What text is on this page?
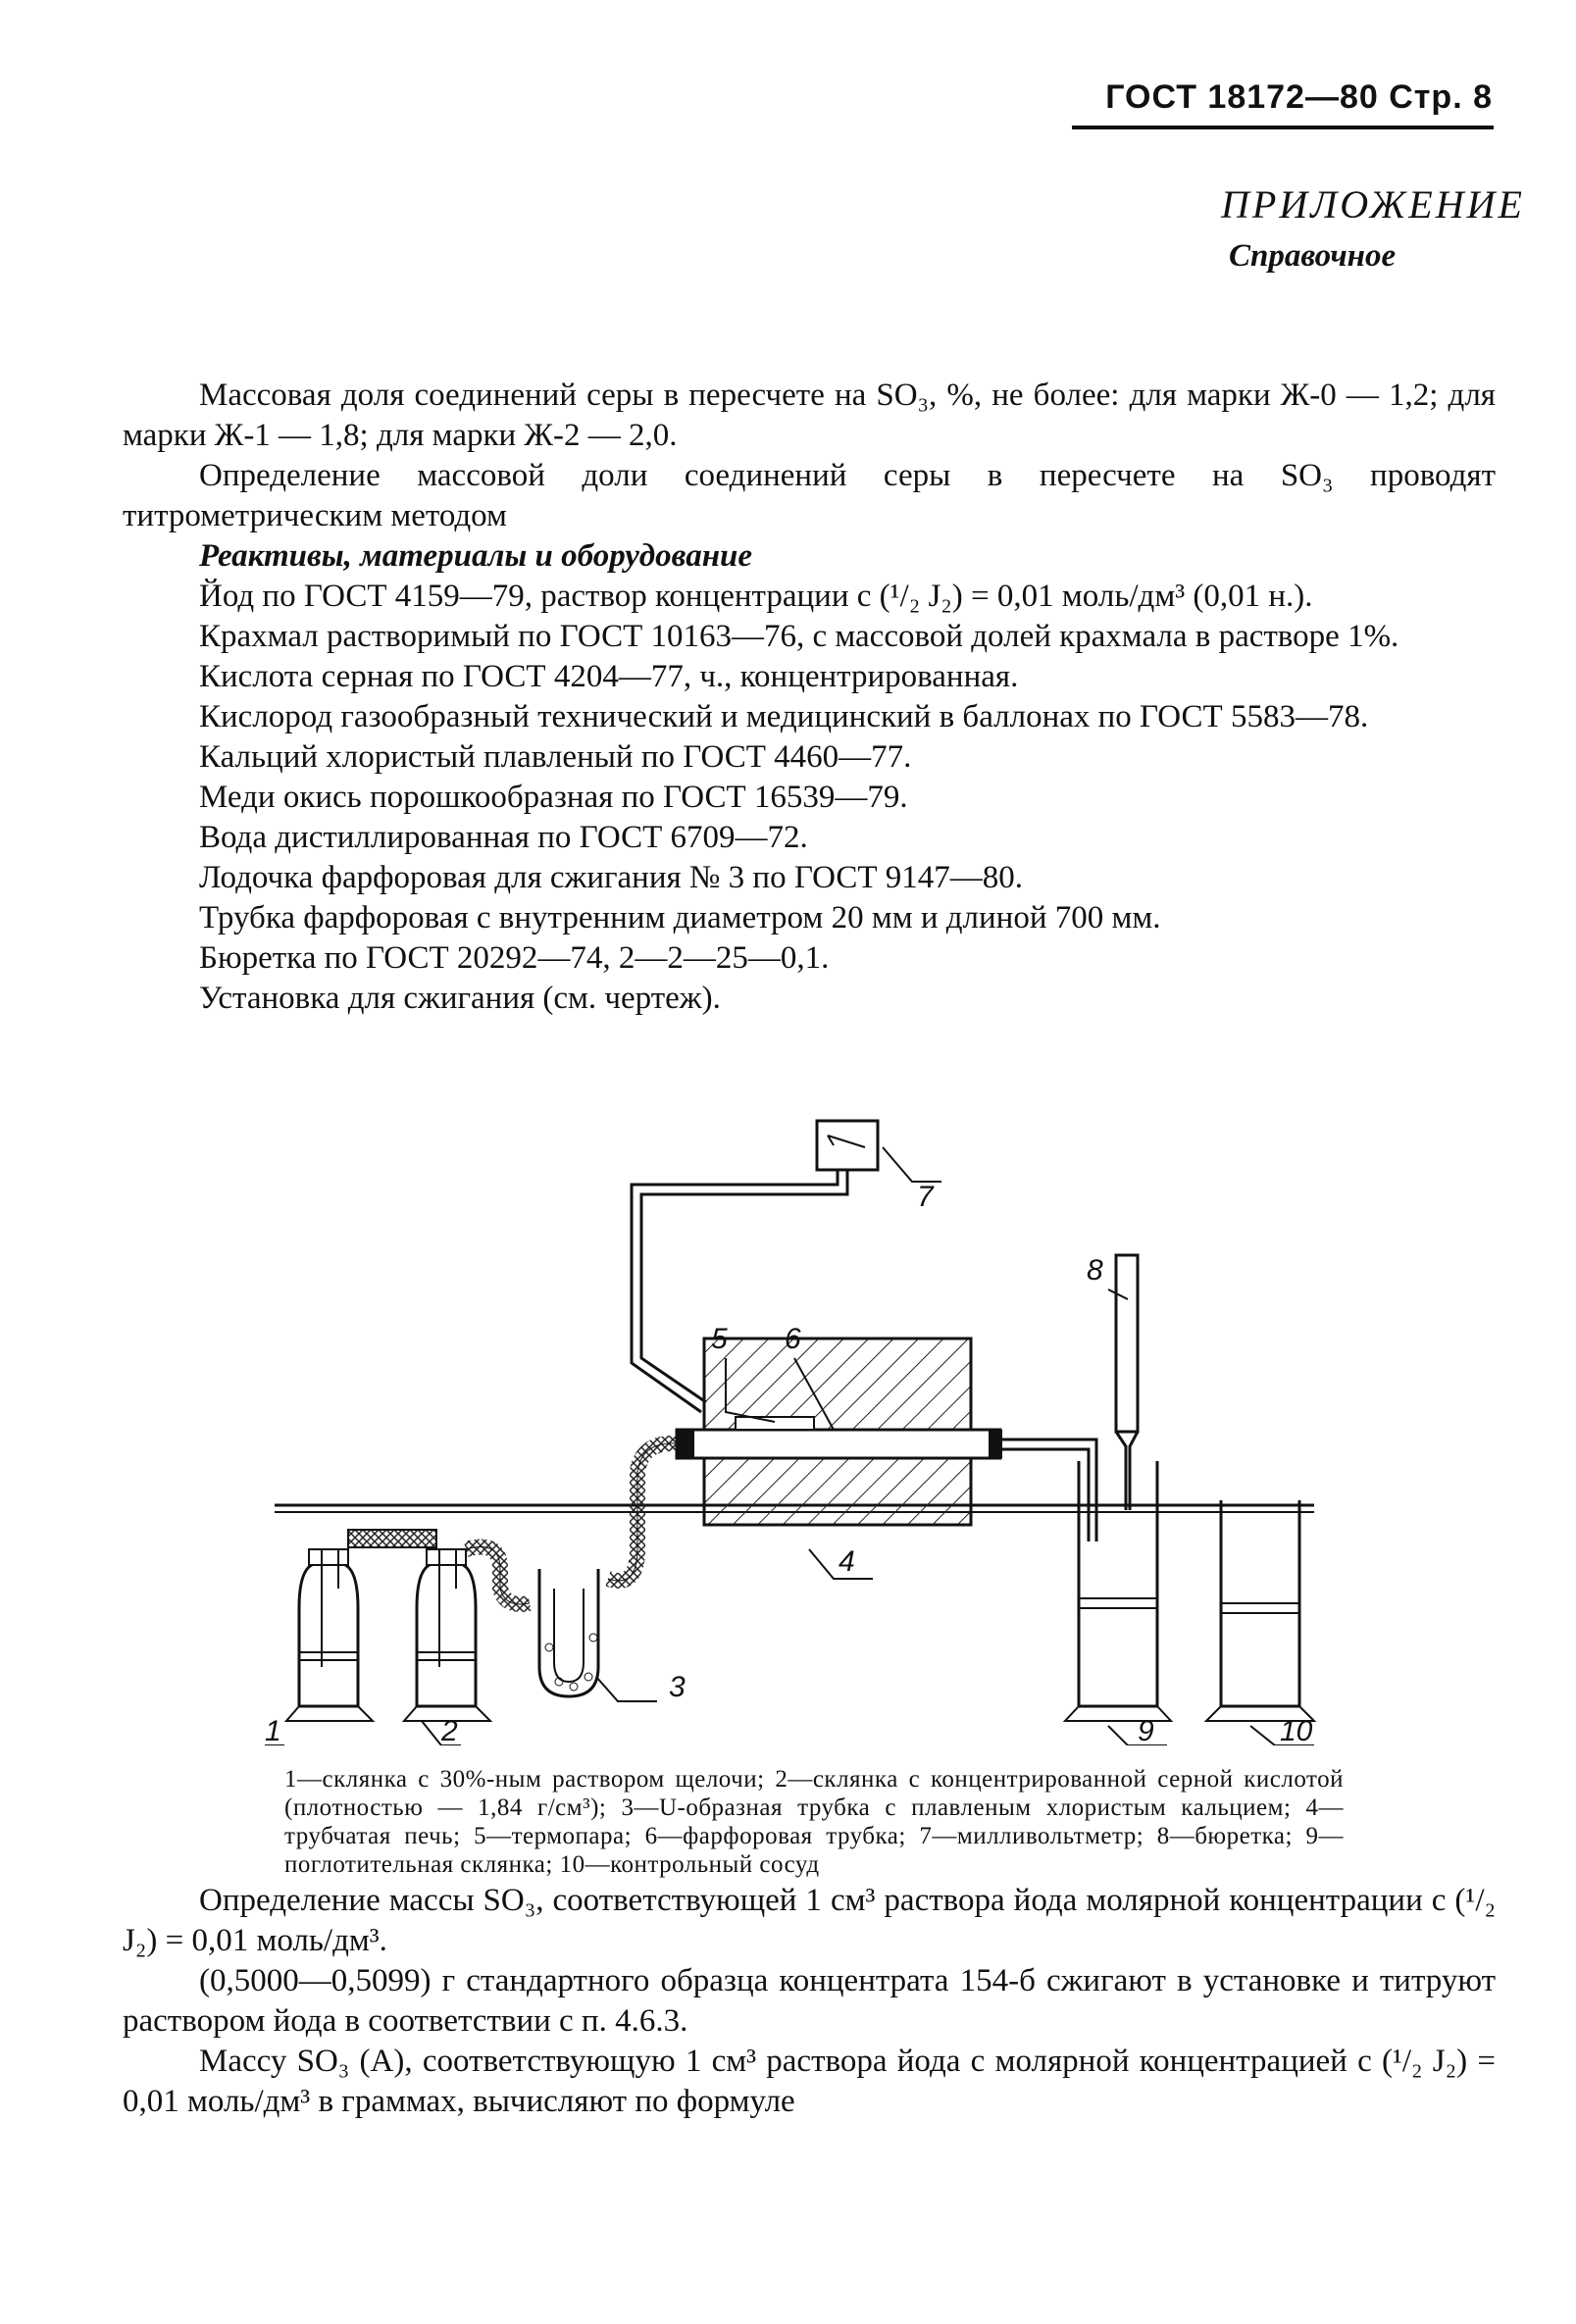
ГОСТ 18172—80 Стр. 8
ПРИЛОЖЕНИЕ
Справочное

Массовая доля соединений серы в пересчете на SO₃, %, не более: для марки Ж-0 — 1,2; для марки Ж-1 — 1,8; для марки Ж-2 — 2,0.

Определение массовой доли соединений серы в пересчете на SO₃ проводят титрометрическим методом

Реактивы, материалы и оборудование

Йод по ГОСТ 4159—79, раствор концентрации с (¹/₂ J₂) = 0,01 моль/дм³ (0,01 н.).

Крахмал растворимый по ГОСТ 10163—76, с массовой долей крахмала в растворе 1%.

Кислота серная по ГОСТ 4204—77, ч., концентрированная.

Кислород газообразный технический и медицинский в баллонах по ГОСТ 5583—78.

Кальций хлористый плавленый по ГОСТ 4460—77.

Меди окись порошкообразная по ГОСТ 16539—79.

Вода дистиллированная по ГОСТ 6709—72.

Лодочка фарфоровая для сжигания № 3 по ГОСТ 9147—80.

Трубка фарфоровая с внутренним диаметром 20 мм и длиной 700 мм.

Бюретка по ГОСТ 20292—74, 2—2—25—0,1.

Установка для сжигания (см. чертеж).

1	2
3
4
5 6
7
8
9	10

1—склянка с 30%-ным раствором щелочи; 2—склянка с концентрированной серной кислотой (плотностью — 1,84 г/см³); 3—U-образная трубка с плавленым хлористым кальцием; 4—трубчатая печь; 5—термопара; 6—фарфоровая трубка; 7—милливольтметр; 8—бюретка; 9—поглотительная склянка; 10—контрольный сосуд

Определение массы SO₃, соответствующей 1 см³ раствора йода молярной концентрации с (¹/₂ J₂) = 0,01 моль/дм³.

(0,5000—0,5099) г стандартного образца концентрата 154-б сжигают в установке и титруют раствором йода в соответствии с п. 4.6.3.

Массу SO₃ (A), соответствующую 1 см³ раствора йода с молярной концентрацией с (¹/₂ J₂) = 0,01 моль/дм³ в граммах, вычисляют по формуле
